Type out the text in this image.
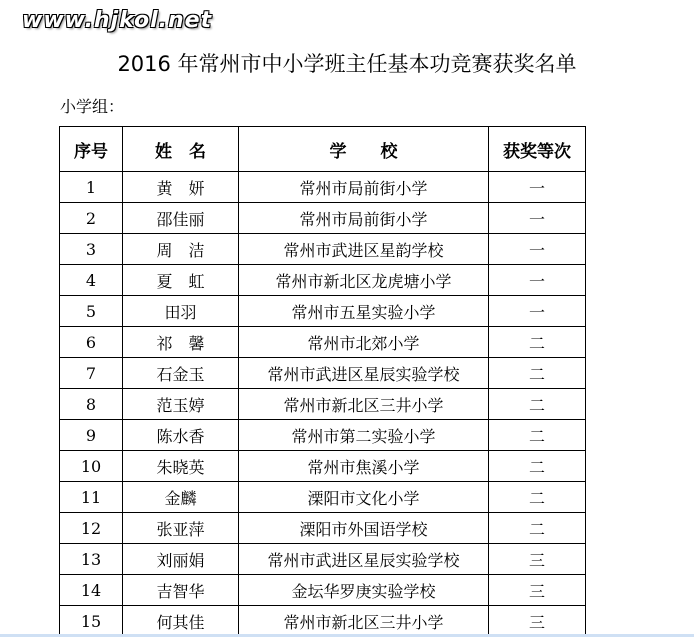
www.hjkol.net
2016 年常州市中小学班主任基本功竞赛获奖名单
小学组：
序号	姓　名	学　　校	获奖等次
1	黄　妍	常州市局前街小学	一
2	邵佳丽	常州市局前街小学	一
3	周　洁	常州市武进区星韵学校	一
4	夏　虹	常州市新北区龙虎塘小学	一
5	田羽	常州市五星实验小学	一
6	祁　馨	常州市北郊小学	二
7	石金玉	常州市武进区星辰实验学校	二
8	范玉婷	常州市新北区三井小学	二
9	陈水香	常州市第二实验小学	二
10	朱晓英	常州市焦溪小学	二
11	金麟	溧阳市文化小学	二
12	张亚萍	溧阳市外国语学校	二
13	刘丽娟	常州市武进区星辰实验学校	三
14	吉智华	金坛华罗庚实验学校	三
15	何其佳	常州市新北区三井小学	三
